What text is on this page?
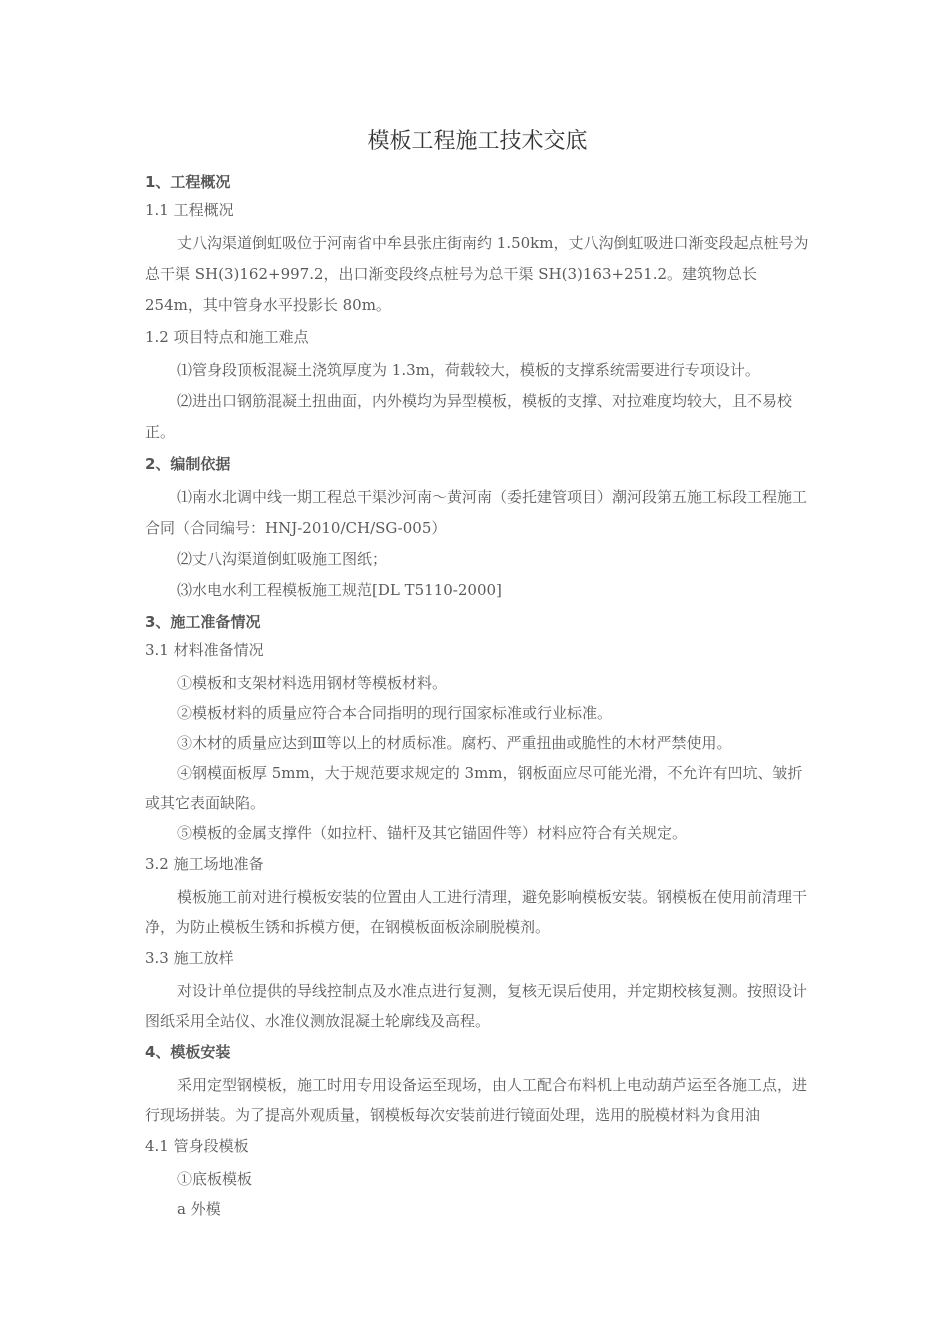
模板工程施工技术交底
1、工程概况
1.1 工程概况

丈八沟渠道倒虹吸位于河南省中牟县张庄街南约 1.50km，丈八沟倒虹吸进口渐变段起点桩号为总干渠 SH(3)162+997.2，出口渐变段终点桩号为总干渠 SH(3)163+251.2。建筑物总长 254m，其中管身水平投影长 80m。

1.2 项目特点和施工难点

⑴管身段顶板混凝土浇筑厚度为 1.3m，荷载较大，模板的支撑系统需要进行专项设计。

⑵进出口钢筋混凝土扭曲面，内外模均为异型模板，模板的支撑、对拉难度均较大，且不易校正。

2、编制依据

⑴南水北调中线一期工程总干渠沙河南～黄河南（委托建管项目）潮河段第五施工标段工程施工合同（合同编号：HNJ-2010/CH/SG-005）

⑵丈八沟渠道倒虹吸施工图纸；

⑶水电水利工程模板施工规范[DL T5110-2000]

3、施工准备情况
3.1 材料准备情况

①模板和支架材料选用钢材等模板材料。

②模板材料的质量应符合本合同指明的现行国家标准或行业标准。

③木材的质量应达到Ⅲ等以上的材质标准。腐朽、严重扭曲或脆性的木材严禁使用。

④钢模面板厚 5mm，大于规范要求规定的 3mm，钢板面应尽可能光滑，不允许有凹坑、皱折或其它表面缺陷。

⑤模板的金属支撑件（如拉杆、锚杆及其它锚固件等）材料应符合有关规定。

3.2 施工场地准备

模板施工前对进行模板安装的位置由人工进行清理，避免影响模板安装。钢模板在使用前清理干净，为防止模板生锈和拆模方便，在钢模板面板涂刷脱模剂。

3.3 施工放样

对设计单位提供的导线控制点及水准点进行复测，复核无误后使用，并定期校核复测。按照设计图纸采用全站仪、水准仪测放混凝土轮廓线及高程。

4、模板安装

采用定型钢模板，施工时用专用设备运至现场，由人工配合布料机上电动葫芦运至各施工点，进行现场拼装。为了提高外观质量，钢模板每次安装前进行镜面处理，选用的脱模材料为食用油

4.1 管身段模板

①底板模板

a 外模
